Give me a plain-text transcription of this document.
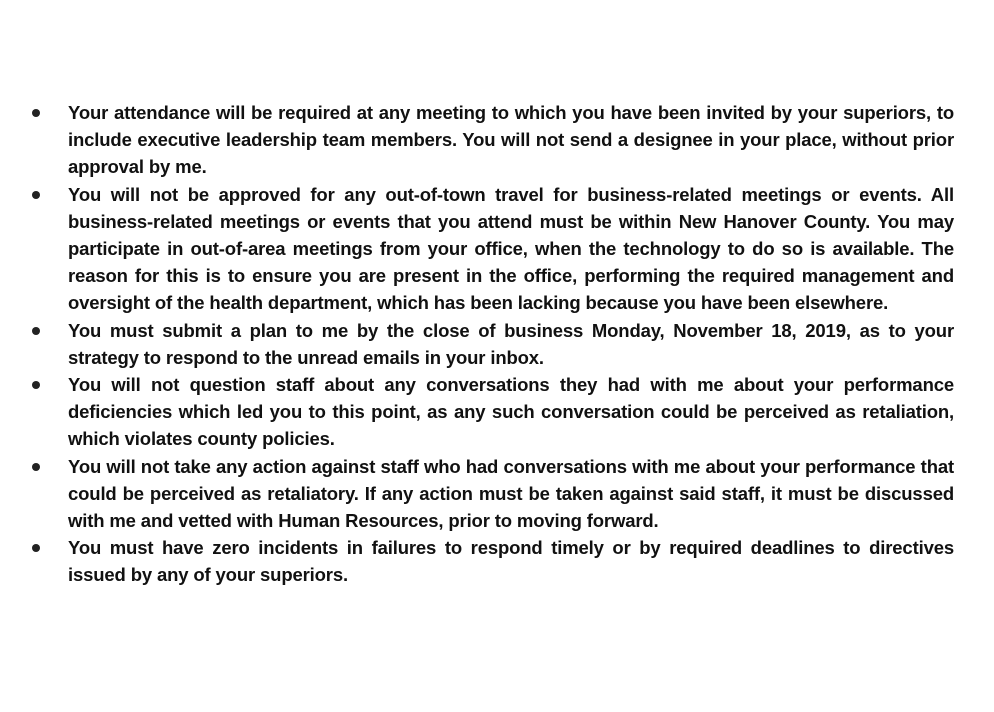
Your attendance will be required at any meeting to which you have been invited by your superiors, to include executive leadership team members. You will not send a designee in your place, without prior approval by me.
You will not be approved for any out-of-town travel for business-related meetings or events. All business-related meetings or events that you attend must be within New Hanover County. You may participate in out-of-area meetings from your office, when the technology to do so is available. The reason for this is to ensure you are present in the office, performing the required management and oversight of the health department, which has been lacking because you have been elsewhere.
You must submit a plan to me by the close of business Monday, November 18, 2019, as to your strategy to respond to the unread emails in your inbox.
You will not question staff about any conversations they had with me about your performance deficiencies which led you to this point, as any such conversation could be perceived as retaliation, which violates county policies.
You will not take any action against staff who had conversations with me about your performance that could be perceived as retaliatory. If any action must be taken against said staff, it must be discussed with me and vetted with Human Resources, prior to moving forward.
You must have zero incidents in failures to respond timely or by required deadlines to directives issued by any of your superiors.
